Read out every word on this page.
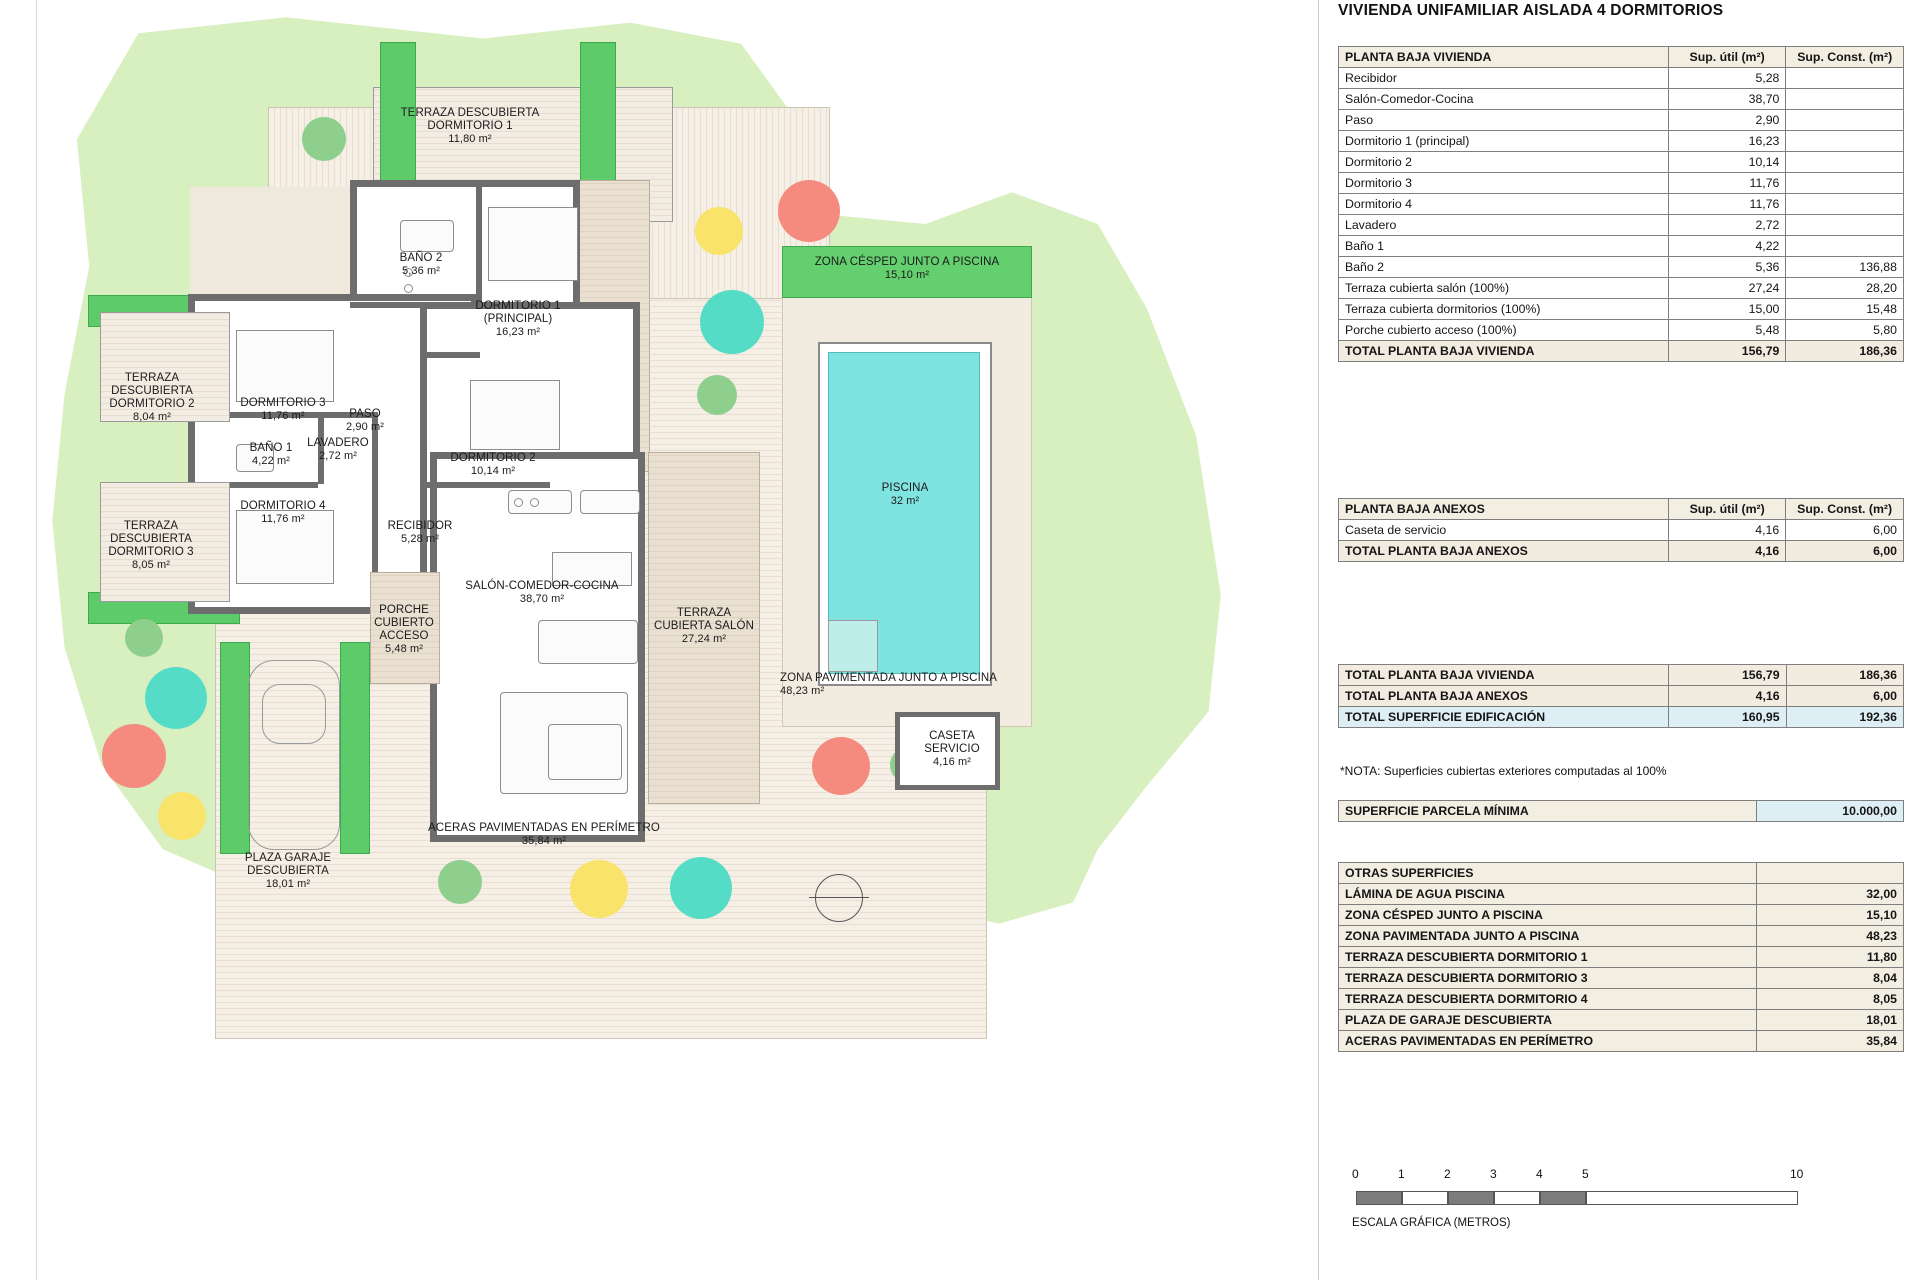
ZONA CÉSPED JUNTO A PISCINA
15,10 m²
PISCINA
32 m²
ZONA PAVIMENTADA JUNTO A PISCINA
48,23 m²
CASETA SERVICIO
4,16 m²
TERRAZA CUBIERTA SALÓN
27,24 m²
TERRAZA DESCUBIERTA DORMITORIO 1
11,80 m²
BAÑO 2
5,36 m²
DORMITORIO 1 (PRINCIPAL)
16,23 m²
TERRAZA DESCUBIERTA DORMITORIO 2
8,04 m²
DORMITORIO 3
11,76 m²	PASO
2,90 m²
BAÑO 1
4,22 m²
LAVADERO
2,72 m²	DORMITORIO 2
10,14 m²
TERRAZA DESCUBIERTA DORMITORIO 3
8,05 m²
DORMITORIO 4
11,76 m²
RECIBIDOR
5,28 m²
PORCHE CUBIERTO ACCESO
5,48 m²
SALÓN-COMEDOR-COCINA
38,70 m²
ACERAS PAVIMENTADAS EN PERÍMETRO
35,84 m²
PLAZA GARAJE DESCUBIERTA
18,01 m²
VIVIENDA UNIFAMILIAR AISLADA 4 DORMITORIOS
PLANTA BAJA VIVIENDA	Sup. útil (m²)	Sup. Const. (m²)
Recibidor	5,28	
Salón-Comedor-Cocina	38,70	
Paso	2,90	
Dormitorio 1 (principal)	16,23	
Dormitorio 2	10,14	
Dormitorio 3	11,76	
Dormitorio 4	11,76	
Lavadero	2,72	
Baño 1	4,22	
Baño 2	5,36	136,88
Terraza cubierta salón (100%)	27,24	28,20
Terraza cubierta dormitorios (100%)	15,00	15,48
Porche cubierto acceso (100%)	5,48	5,80
TOTAL PLANTA BAJA VIVIENDA	156,79	186,36
PLANTA BAJA ANEXOS	Sup. útil (m²)	Sup. Const. (m²)
Caseta de servicio	4,16	6,00
TOTAL PLANTA BAJA ANEXOS	4,16	6,00
TOTAL PLANTA BAJA VIVIENDA	156,79	186,36
TOTAL PLANTA BAJA ANEXOS	4,16	6,00
TOTAL SUPERFICIE EDIFICACIÓN	160,95	192,36
*NOTA: Superficies cubiertas exteriores computadas al 100%
SUPERFICIE PARCELA MÍNIMA	10.000,00
OTRAS SUPERFICIES	
LÁMINA DE AGUA PISCINA	32,00
ZONA CÉSPED JUNTO A PISCINA	15,10
ZONA PAVIMENTADA JUNTO A PISCINA	48,23
TERRAZA DESCUBIERTA DORMITORIO 1	11,80
TERRAZA DESCUBIERTA DORMITORIO 3	8,04
TERRAZA DESCUBIERTA DORMITORIO 4	8,05
PLAZA DE GARAJE DESCUBIERTA	18,01
ACERAS PAVIMENTADAS EN PERÍMETRO	35,84
0	1	2	3	4	5	10
ESCALA GRÁFICA (METROS)
